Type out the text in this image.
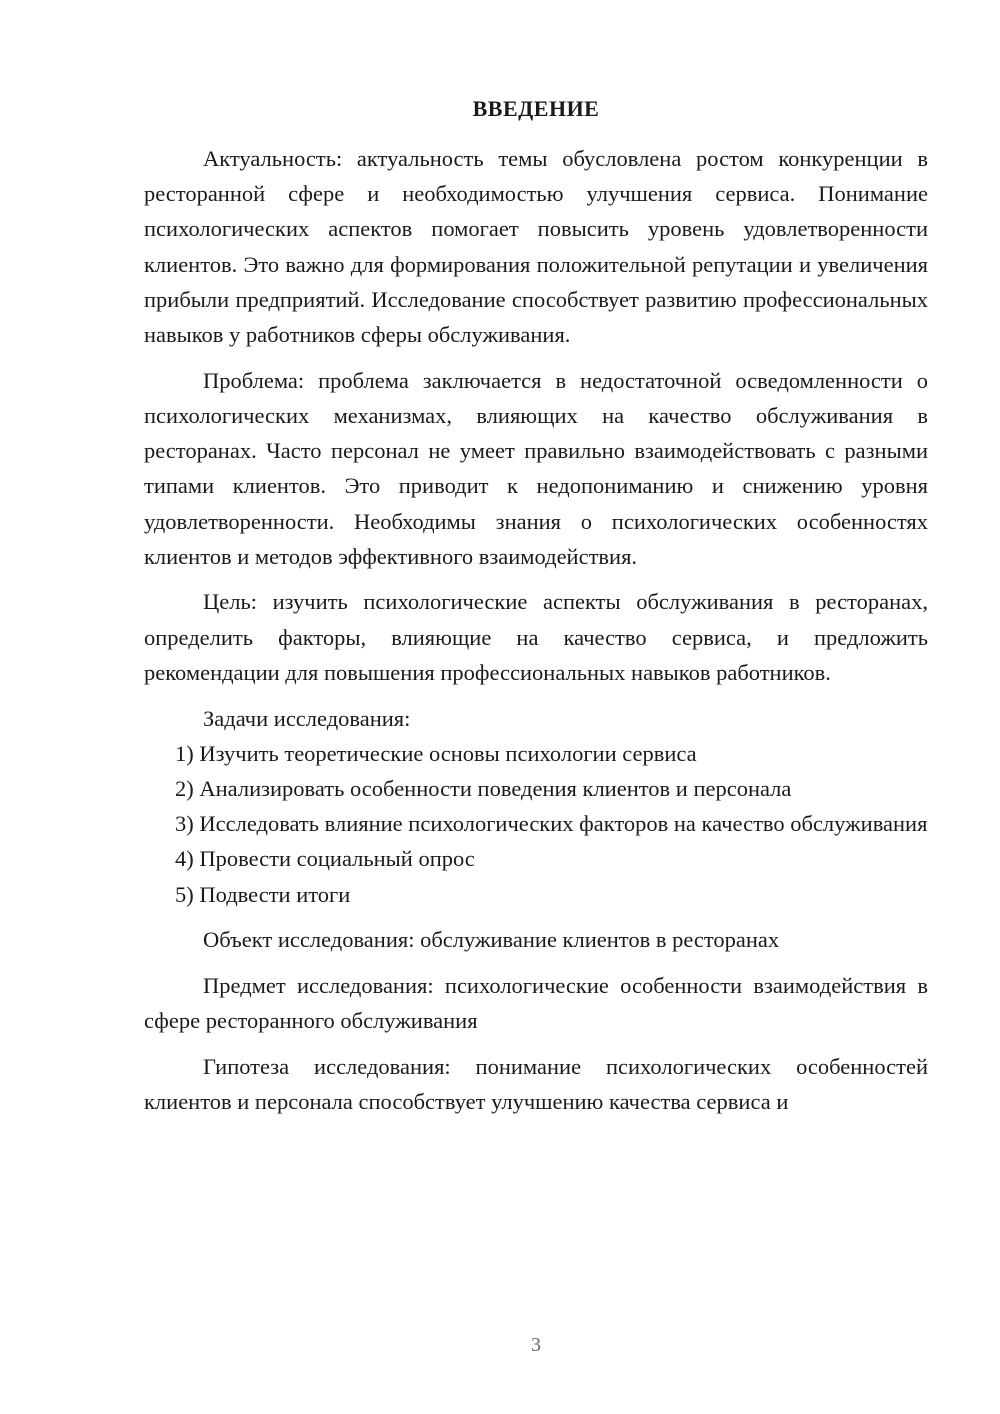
ВВЕДЕНИЕ

Актуальность: актуальность темы обусловлена ростом конкуренции в ресторанной сфере и необходимостью улучшения сервиса. Понимание психологических аспектов помогает повысить уровень удовлетворенности клиентов. Это важно для формирования положительной репутации и увеличения прибыли предприятий. Исследование способствует развитию профессиональных навыков у работников сферы обслуживания.

Проблема: проблема заключается в недостаточной осведомленности о психологических механизмах, влияющих на качество обслуживания в ресторанах. Часто персонал не умеет правильно взаимодействовать с разными типами клиентов. Это приводит к недопониманию и снижению уровня удовлетворенности. Необходимы знания о психологических особенностях клиентов и методов эффективного взаимодействия.

Цель: изучить психологические аспекты обслуживания в ресторанах, определить факторы, влияющие на качество сервиса, и предложить рекомендации для повышения профессиональных навыков работников.

Задачи исследования:

1) Изучить теоретические основы психологии сервиса

2) Анализировать особенности поведения клиентов и персонала

3) Исследовать влияние психологических факторов на качество обслуживания

4) Провести социальный опрос

5) Подвести итоги

Объект исследования: обслуживание клиентов в ресторанах

Предмет исследования: психологические особенности взаимодействия в сфере ресторанного обслуживания

Гипотеза исследования: понимание психологических особенностей клиентов и персонала способствует улучшению качества сервиса и

3
